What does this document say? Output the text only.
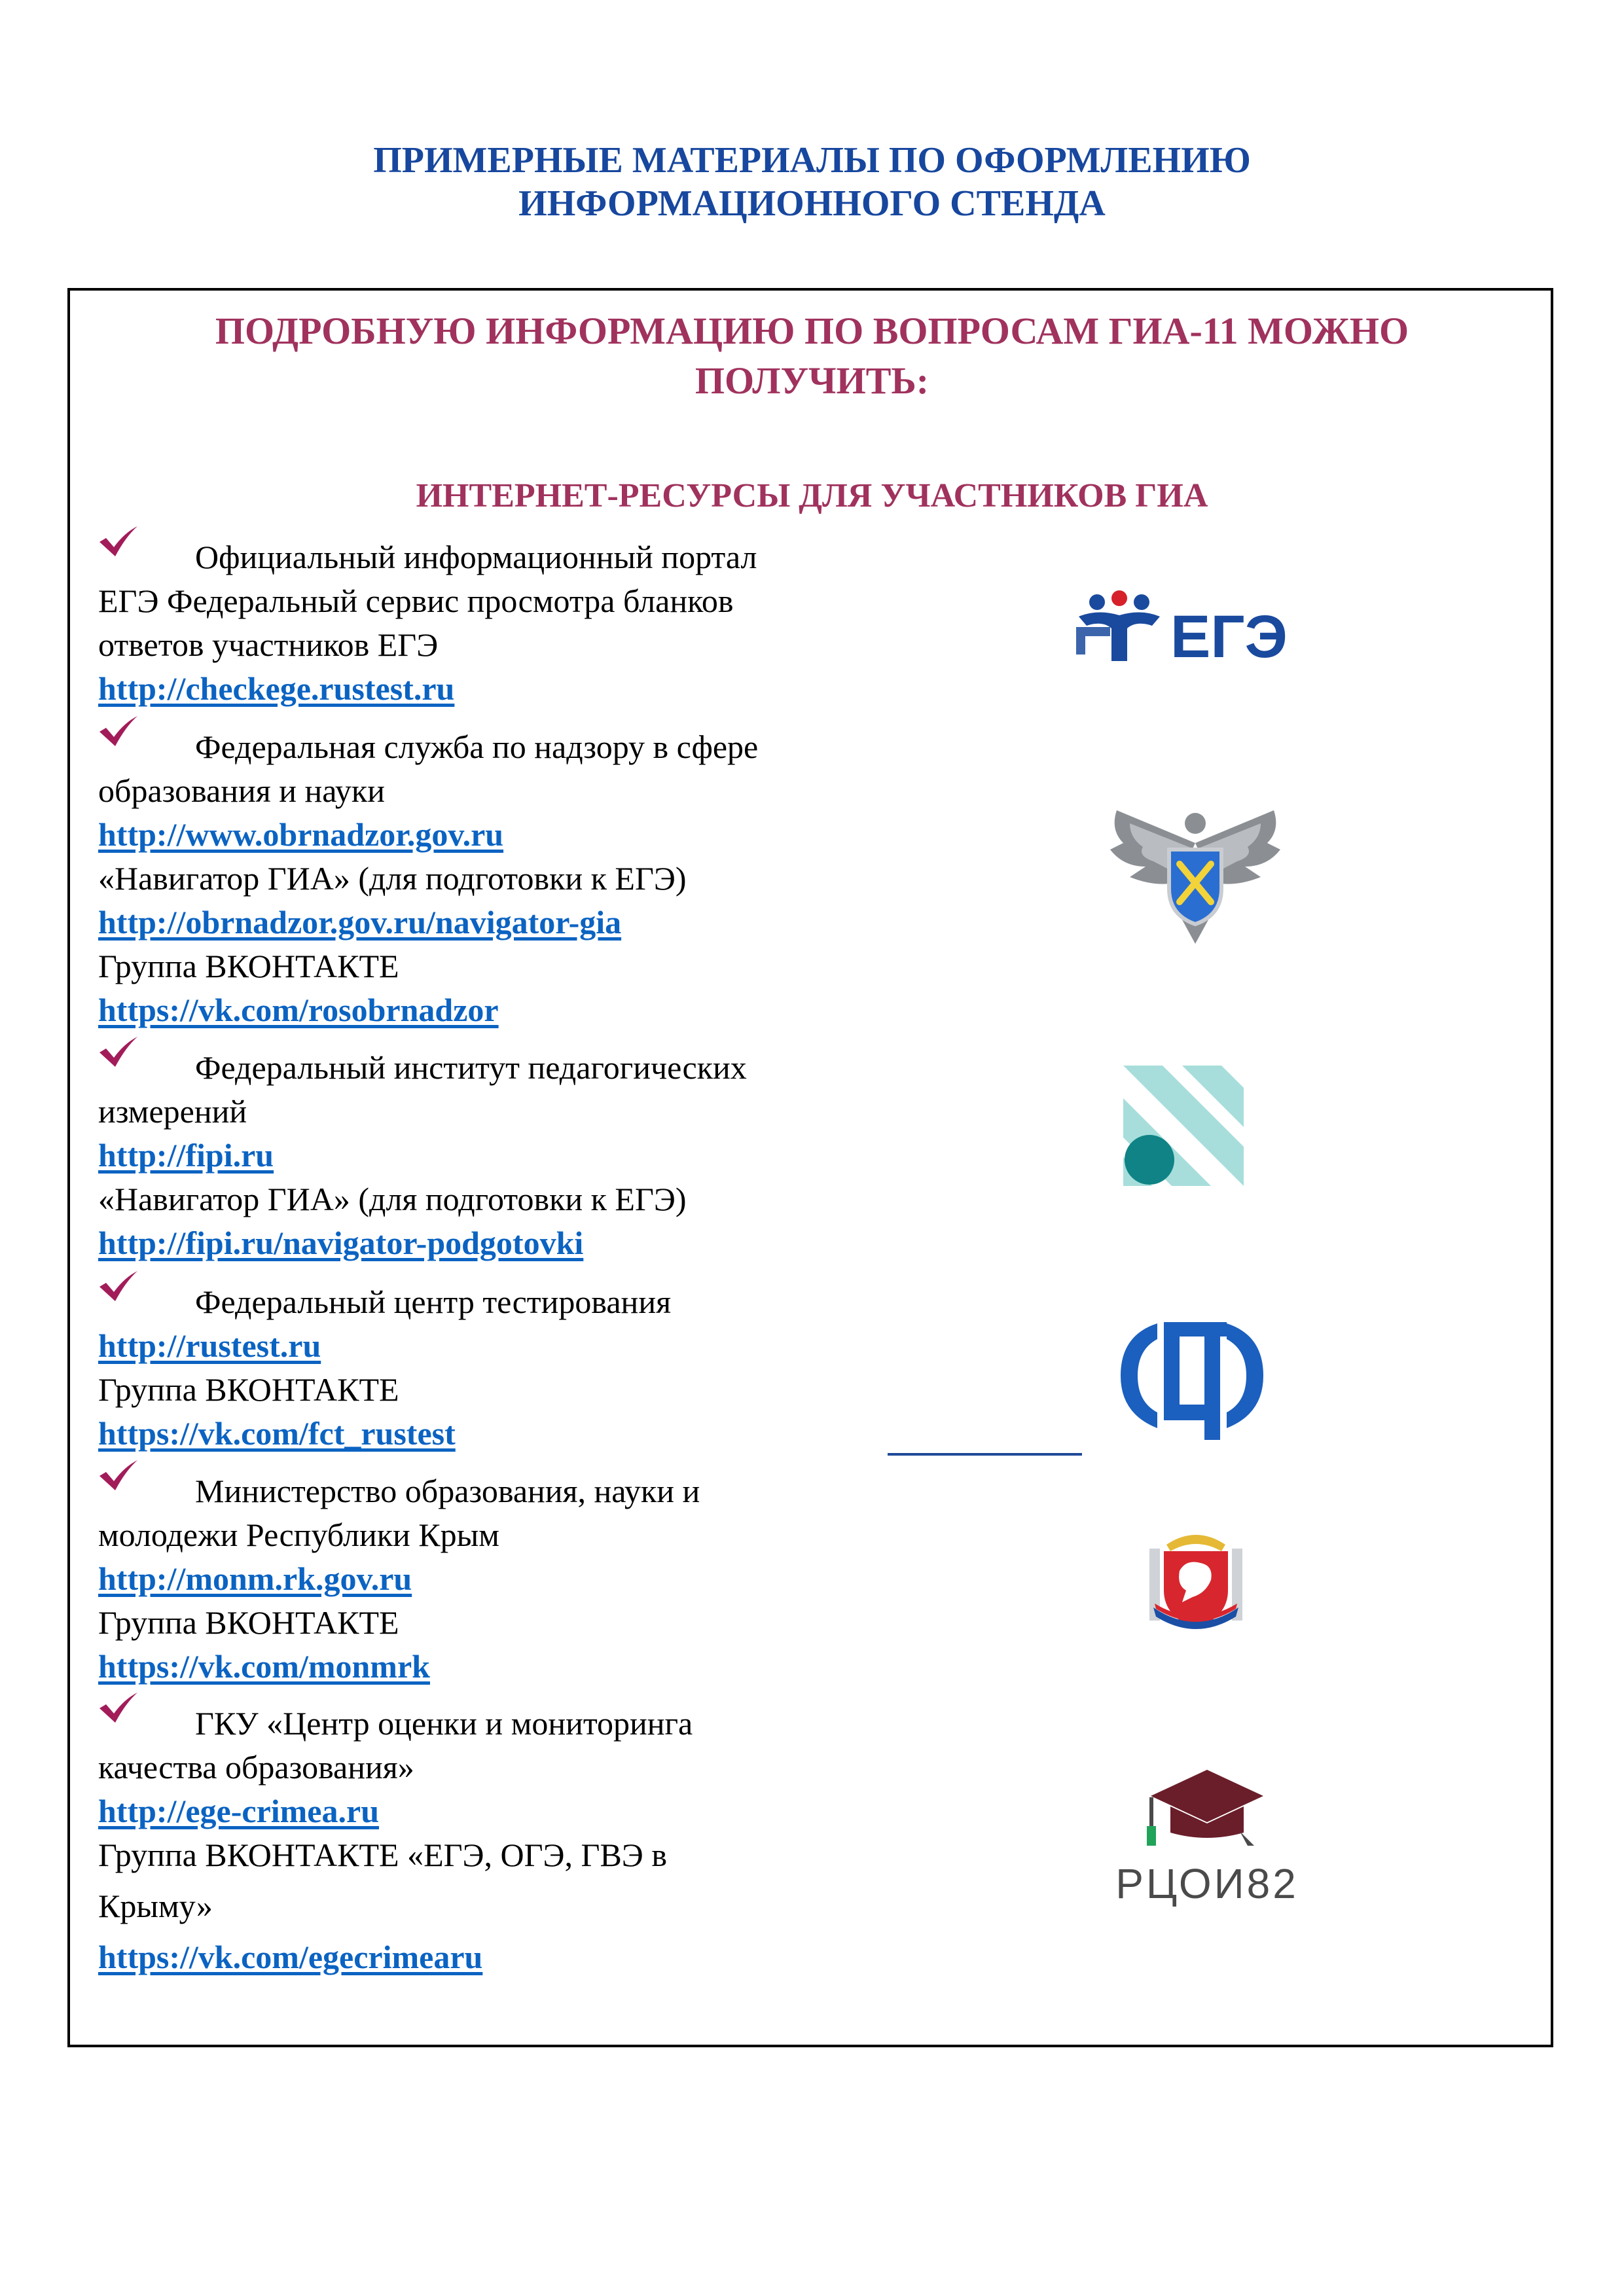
ПРИМЕРНЫЕ МАТЕРИАЛЫ ПО ОФОРМЛЕНИЮ
ИНФОРМАЦИОННОГО СТЕНДА
ПОДРОБНУЮ ИНФОРМАЦИЮ ПО ВОПРОСАМ ГИА-11 МОЖНО
ПОЛУЧИТЬ:
ИНТЕРНЕТ-РЕСУРСЫ ДЛЯ УЧАСТНИКОВ ГИА
Официальный информационный портал
ЕГЭ Федеральный сервис просмотра бланков
ответов участников ЕГЭ
http://checkege.rustest.ru
Федеральная служба по надзору в сфере
образования и науки
http://www.obrnadzor.gov.ru
«Навигатор ГИА» (для подготовки к ЕГЭ)
http://obrnadzor.gov.ru/navigator-gia
Группа ВКОНТАКТЕ
https://vk.com/rosobrnadzor
Федеральный институт педагогических
измерений
http://fipi.ru
«Навигатор ГИА» (для подготовки к ЕГЭ)
http://fipi.ru/navigator-podgotovki
Федеральный центр тестирования
http://rustest.ru
Группа ВКОНТАКТЕ
https://vk.com/fct_rustest
Министерство образования, науки и
молодежи Республики Крым
http://monm.rk.gov.ru
Группа ВКОНТАКТЕ
https://vk.com/monmrk
ГКУ «Центр оценки и мониторинга
качества образования»
http://ege-crimea.ru
Группа ВКОНТАКТЕ «ЕГЭ, ОГЭ, ГВЭ в
Крыму»
https://vk.com/egecrimearu
ЕГЭ
РЦОИ82
